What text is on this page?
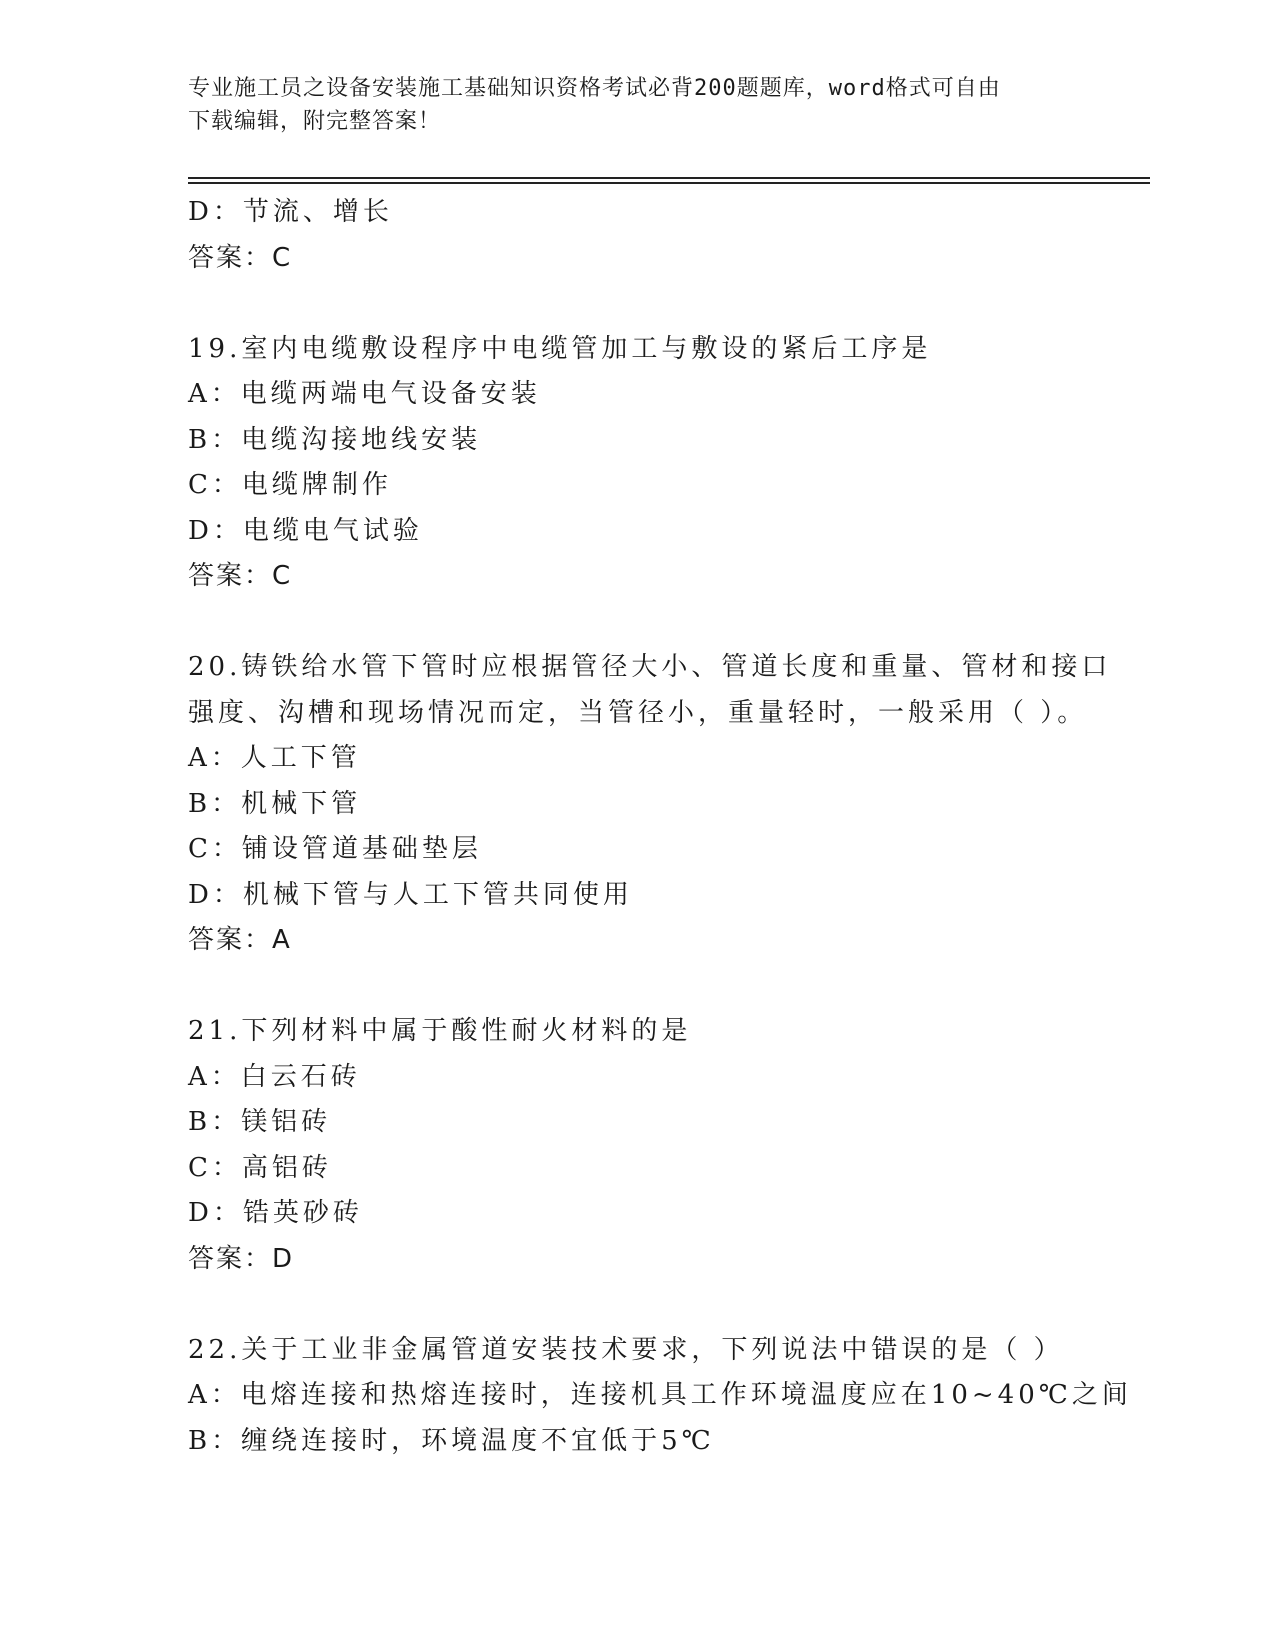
专业施工员之设备安装施工基础知识资格考试必背200题题库，word格式可自由
下载编辑，附完整答案！
D：节流、增长
答案：C
19.室内电缆敷设程序中电缆管加工与敷设的紧后工序是
A：电缆两端电气设备安装
B：电缆沟接地线安装
C：电缆牌制作
D：电缆电气试验
答案：C
20.铸铁给水管下管时应根据管径大小、管道长度和重量、管材和接口
强度、沟槽和现场情况而定，当管径小，重量轻时，一般采用（ ）。
A：人工下管
B：机械下管
C：铺设管道基础垫层
D：机械下管与人工下管共同使用
答案：A
21.下列材料中属于酸性耐火材料的是
A：白云石砖
B：镁铝砖
C：高铝砖
D：锆英砂砖
答案：D
22.关于工业非金属管道安装技术要求，下列说法中错误的是（ ）
A：电熔连接和热熔连接时，连接机具工作环境温度应在10~40℃之间
B：缠绕连接时，环境温度不宜低于5℃
